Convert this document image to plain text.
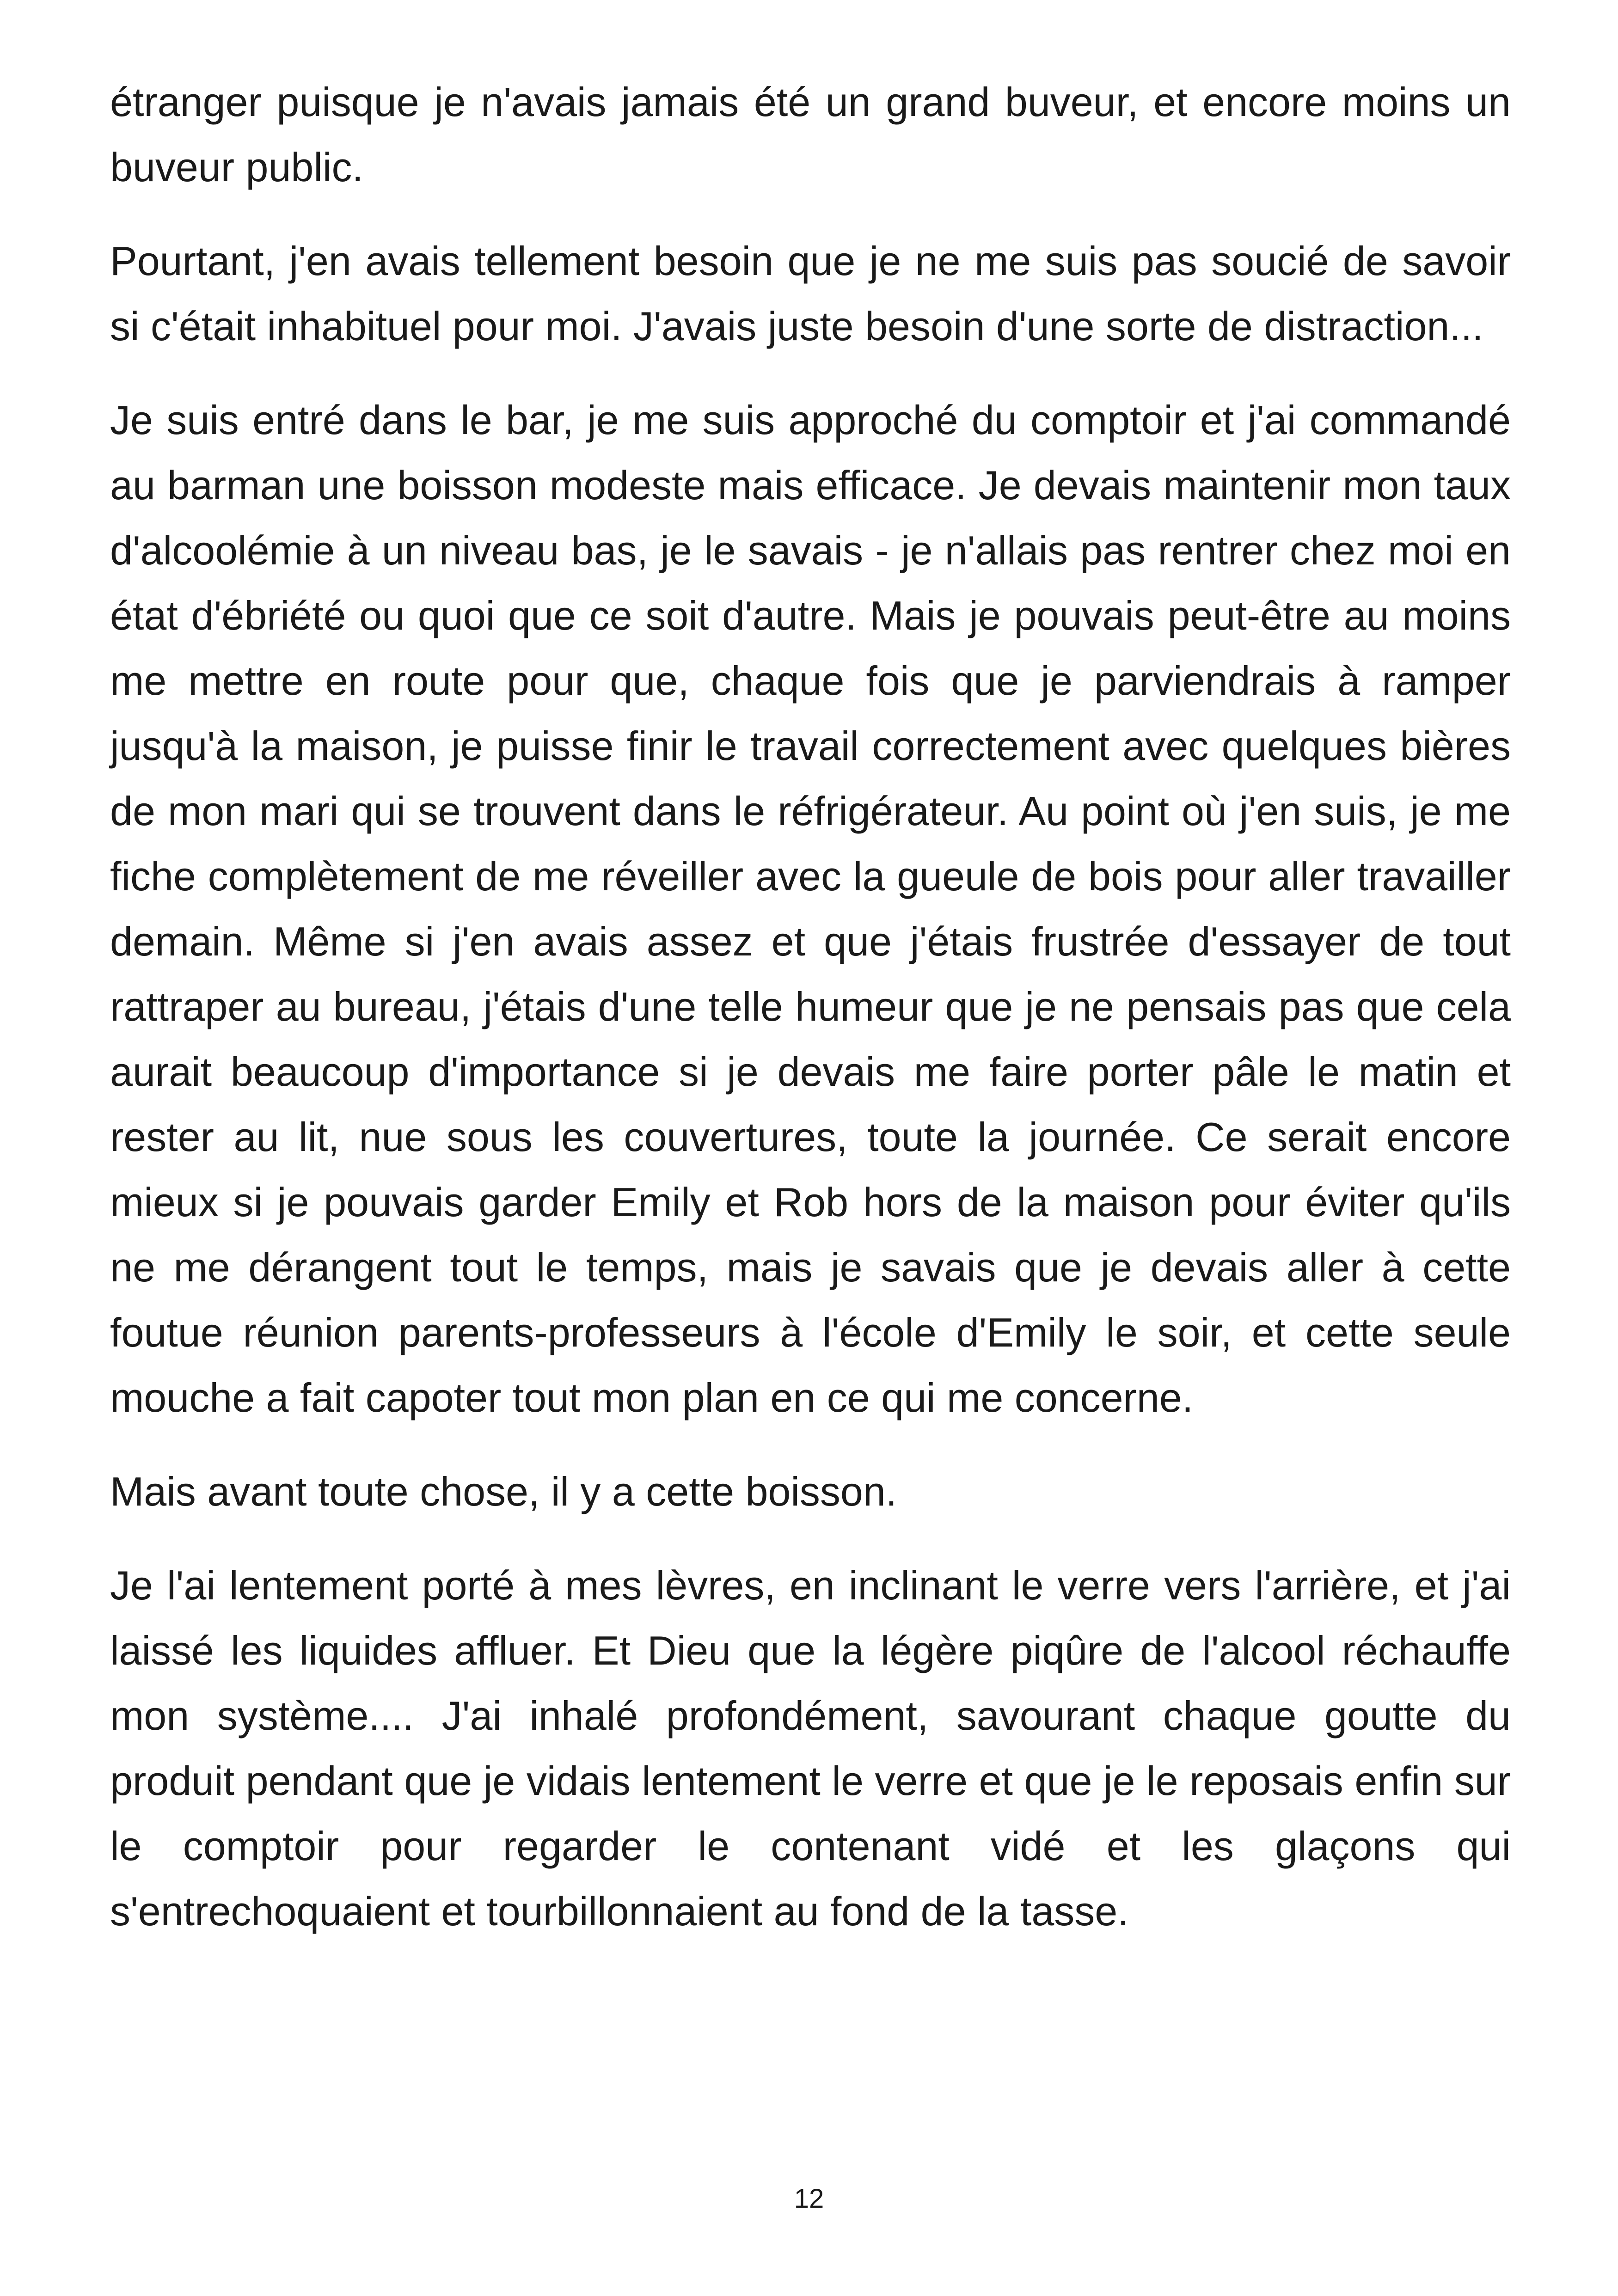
étranger puisque je n'avais jamais été un grand buveur, et encore moins un buveur public.

Pourtant, j'en avais tellement besoin que je ne me suis pas soucié de savoir si c'était inhabituel pour moi. J'avais juste besoin d'une sorte de distraction...

Je suis entré dans le bar, je me suis approché du comptoir et j'ai commandé au barman une boisson modeste mais efficace. Je devais maintenir mon taux d'alcoolémie à un niveau bas, je le savais - je n'allais pas rentrer chez moi en état d'ébriété ou quoi que ce soit d'autre. Mais je pouvais peut-être au moins me mettre en route pour que, chaque fois que je parviendrais à ramper jusqu'à la maison, je puisse finir le travail correctement avec quelques bières de mon mari qui se trouvent dans le réfrigérateur. Au point où j'en suis, je me fiche complètement de me réveiller avec la gueule de bois pour aller travailler demain. Même si j'en avais assez et que j'étais frustrée d'essayer de tout rattraper au bureau, j'étais d'une telle humeur que je ne pensais pas que cela aurait beaucoup d'importance si je devais me faire porter pâle le matin et rester au lit, nue sous les couvertures, toute la journée. Ce serait encore mieux si je pouvais garder Emily et Rob hors de la maison pour éviter qu'ils ne me dérangent tout le temps, mais je savais que je devais aller à cette foutue réunion parents-professeurs à l'école d'Emily le soir, et cette seule mouche a fait capoter tout mon plan en ce qui me concerne.

Mais avant toute chose, il y a cette boisson.

Je l'ai lentement porté à mes lèvres, en inclinant le verre vers l'arrière, et j'ai laissé les liquides affluer. Et Dieu que la légère piqûre de l'alcool réchauffe mon système.... J'ai inhalé profondément, savourant chaque goutte du produit pendant que je vidais lentement le verre et que je le reposais enfin sur le comptoir pour regarder le contenant vidé et les glaçons qui s'entrechoquaient et tourbillonnaient au fond de la tasse.

12
